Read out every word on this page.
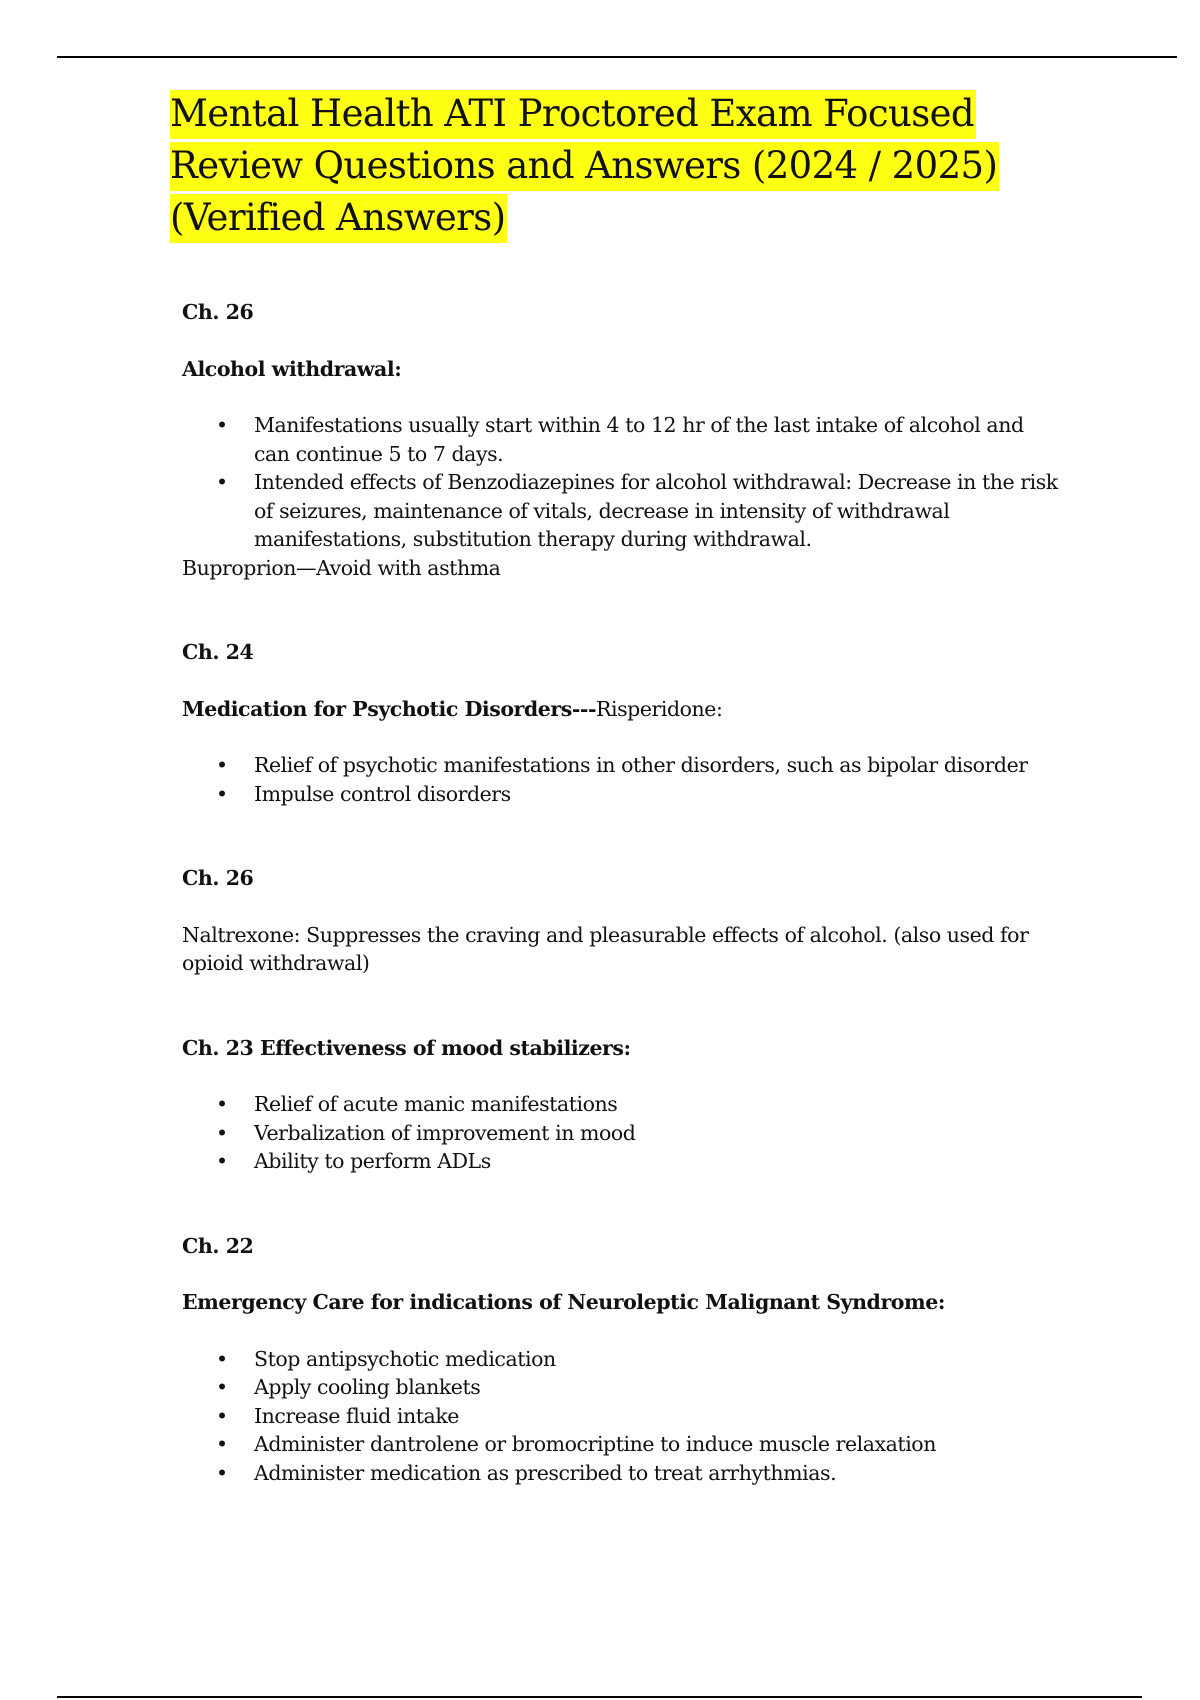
Mental Health ATI Proctored Exam Focused Review Questions and Answers (2024 / 2025) (Verified Answers)

Ch. 26

Alcohol withdrawal:

• Manifestations usually start within 4 to 12 hr of the last intake of alcohol and can continue 5 to 7 days.
• Intended effects of Benzodiazepines for alcohol withdrawal: Decrease in the risk of seizures, maintenance of vitals, decrease in intensity of withdrawal manifestations, substitution therapy during withdrawal.

Buproprion—Avoid with asthma

Ch. 24

Medication for Psychotic Disorders---Risperidone:

• Relief of psychotic manifestations in other disorders, such as bipolar disorder
• Impulse control disorders

Ch. 26

Naltrexone: Suppresses the craving and pleasurable effects of alcohol. (also used for opioid withdrawal)

Ch. 23 Effectiveness of mood stabilizers:

• Relief of acute manic manifestations
• Verbalization of improvement in mood
• Ability to perform ADLs

Ch. 22

Emergency Care for indications of Neuroleptic Malignant Syndrome:

• Stop antipsychotic medication
• Apply cooling blankets
• Increase fluid intake
• Administer dantrolene or bromocriptine to induce muscle relaxation
• Administer medication as prescribed to treat arrhythmias.
